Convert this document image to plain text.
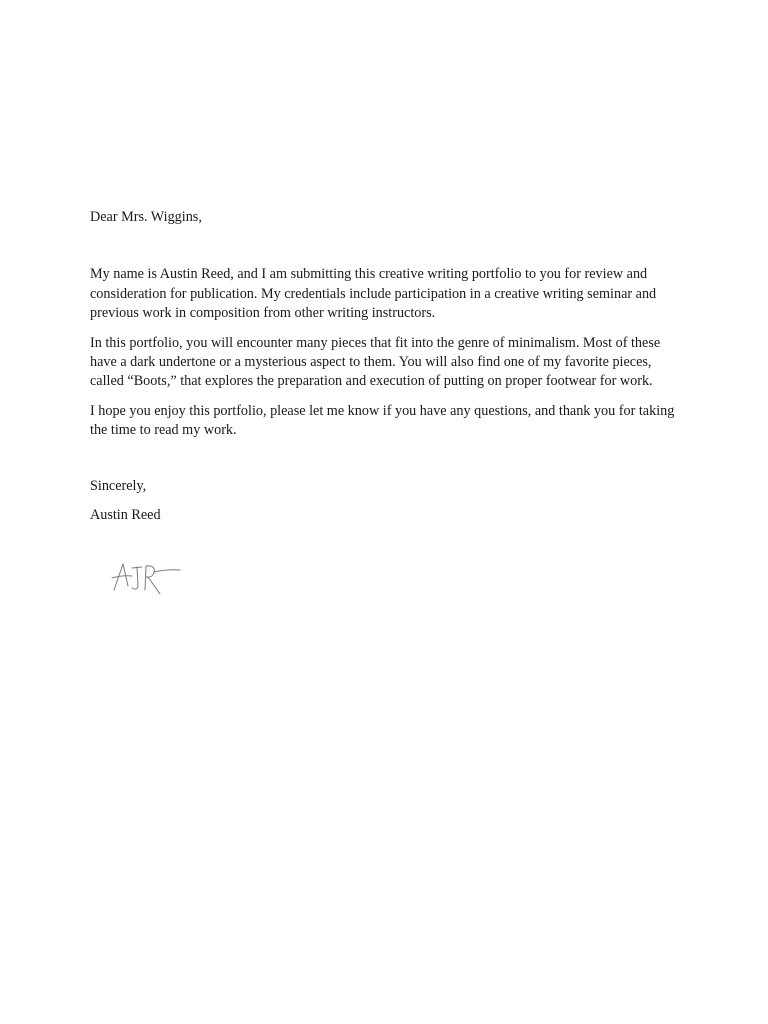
Dear Mrs. Wiggins,

My name is Austin Reed, and I am submitting this creative writing portfolio to you for review and consideration for publication. My credentials include participation in a creative writing seminar and previous work in composition from other writing instructors.

In this portfolio, you will encounter many pieces that fit into the genre of minimalism. Most of these have a dark undertone or a mysterious aspect to them. You will also find one of my favorite pieces, called “Boots,” that explores the preparation and execution of putting on proper footwear for work.

I hope you enjoy this portfolio, please let me know if you have any questions, and thank you for taking the time to read my work.

Sincerely,

Austin Reed
